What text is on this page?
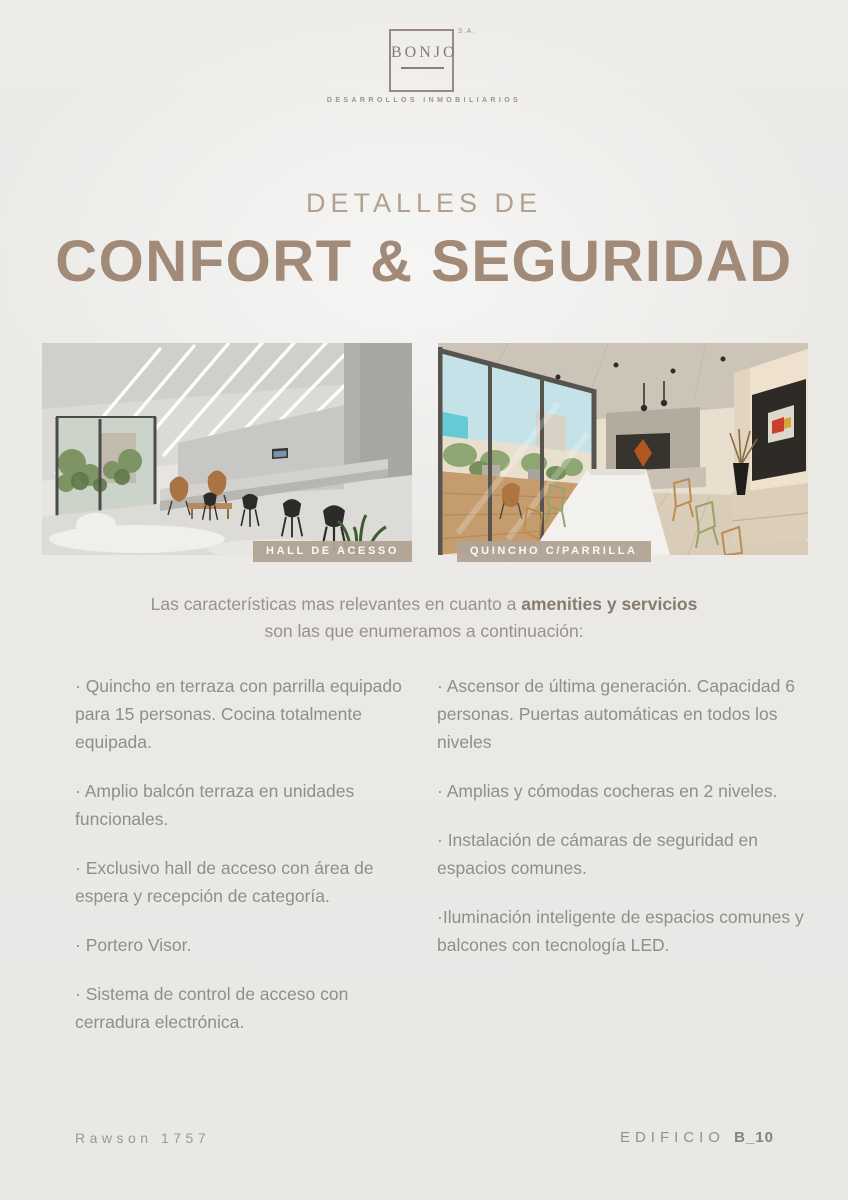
BONJO
S.A.
DESARROLLOS INMOBILIARIOS
DETALLES DE
CONFORT & SEGURIDAD
HALL DE ACESSO	QUINCHO C/PARRILLA
Las características mas relevantes en cuanto a amenities y servicios
son las que enumeramos a continuación:

· Quincho en terraza con parrilla equipado para 15 personas. Cocina totalmente equipada.

· Amplio balcón terraza en unidades funcionales.

· Exclusivo hall de acceso con área de espera y recepción de categoría.

· Portero Visor.

· Sistema de control de acceso con cerradura electrónica.

· Ascensor de última generación. Capacidad 6 personas. Puertas automáticas en todos los niveles

· Amplias y cómodas cocheras en 2 niveles.

· Instalación de cámaras de seguridad en espacios comunes.

·Iluminación inteligente de espacios comunes y balcones con tecnología LED.

Rawson 1757	EDIFICIO B_10
